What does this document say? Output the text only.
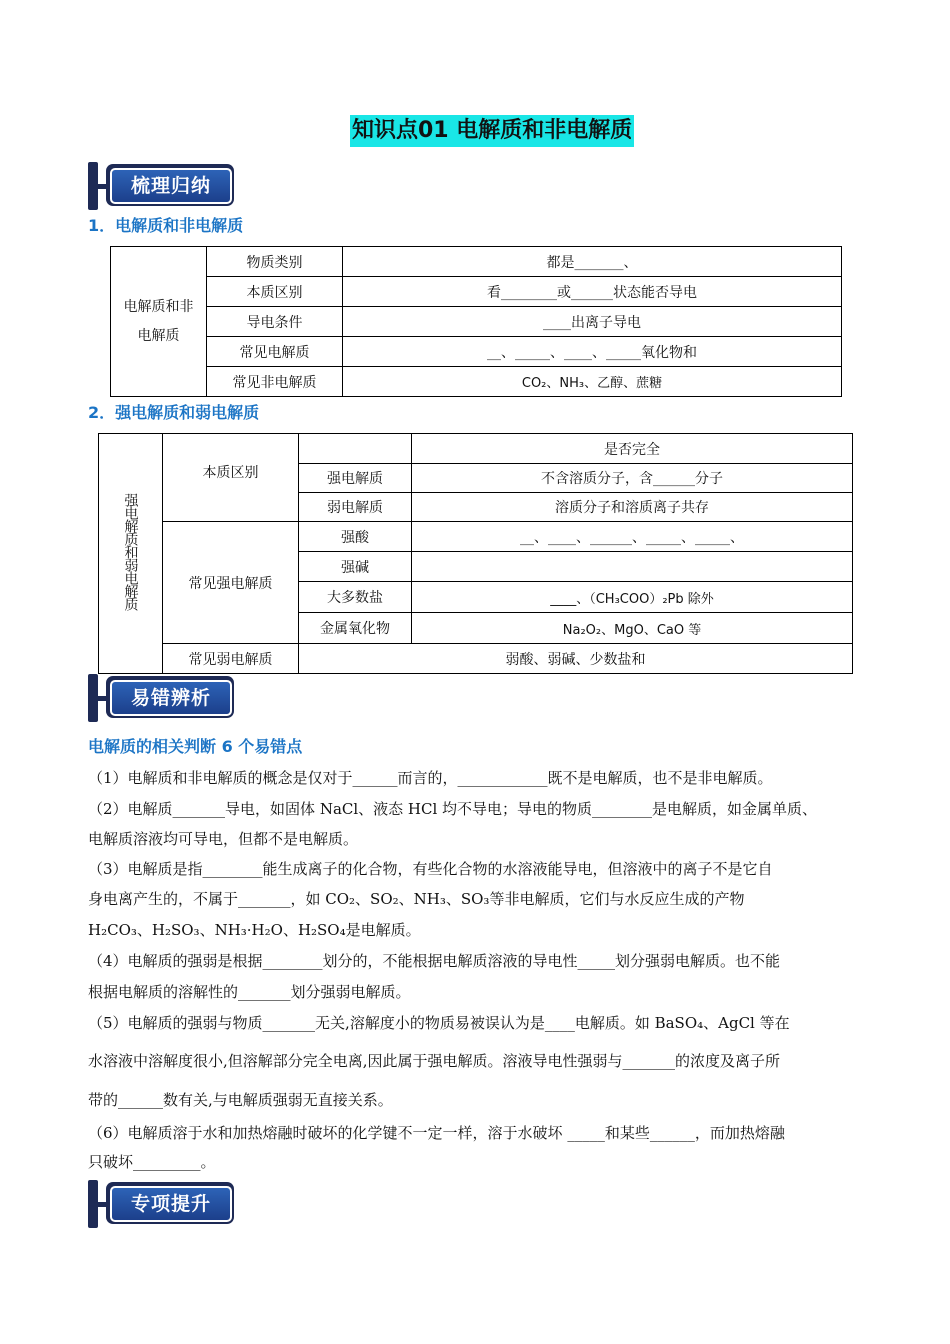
知识点01 电解质和非电解质
梳理归纳
1．电解质和非电解质
电解质和非电解质	物质类别	都是_______、
	本质区别	看________或______状态能否导电
	导电条件	____出离子导电
	常见电解质	__、_____、____、_____氧化物和
	常见非电解质	CO₂、NH₃、乙醇、蔗糖
2．强电解质和弱电解质
强电解质和弱电解质	本质区别		是否完全
		强电解质	不含溶质分子，含______分子
		弱电解质	溶质分子和溶质离子共存
	常见强电解质	强酸	__、____、______、_____、_____、
		强碱	
		大多数盐	____、（CH₃COO）₂Pb 除外
		金属氧化物	Na₂O₂、MgO、CaO 等
	常见弱电解质	弱酸、弱碱、少数盐和	
易错辨析
电解质的相关判断 6 个易错点
（1）电解质和非电解质的概念是仅对于______而言的，____________既不是电解质，也不是非电解质。
（2）电解质_______导电，如固体 NaCl、液态 HCl 均不导电；导电的物质________是电解质，如金属单质、
电解质溶液均可导电，但都不是电解质。
（3）电解质是指________能生成离子的化合物，有些化合物的水溶液能导电，但溶液中的离子不是它自
身电离产生的，不属于_______，如 CO₂、SO₂、NH₃、SO₃等非电解质，它们与水反应生成的产物
H₂CO₃、H₂SO₃、NH₃·H₂O、H₂SO₄是电解质。
（4）电解质的强弱是根据________划分的，不能根据电解质溶液的导电性_____划分强弱电解质。也不能
根据电解质的溶解性的_______划分强弱电解质。
（5）电解质的强弱与物质_______无关,溶解度小的物质易被误认为是____电解质。如 BaSO₄、AgCl 等在
水溶液中溶解度很小,但溶解部分完全电离,因此属于强电解质。溶液导电性强弱与_______的浓度及离子所
带的______数有关,与电解质强弱无直接关系。
（6）电解质溶于水和加热熔融时破坏的化学键不一定一样，溶于水破坏 _____和某些______，而加热熔融
只破坏_________。
专项提升
